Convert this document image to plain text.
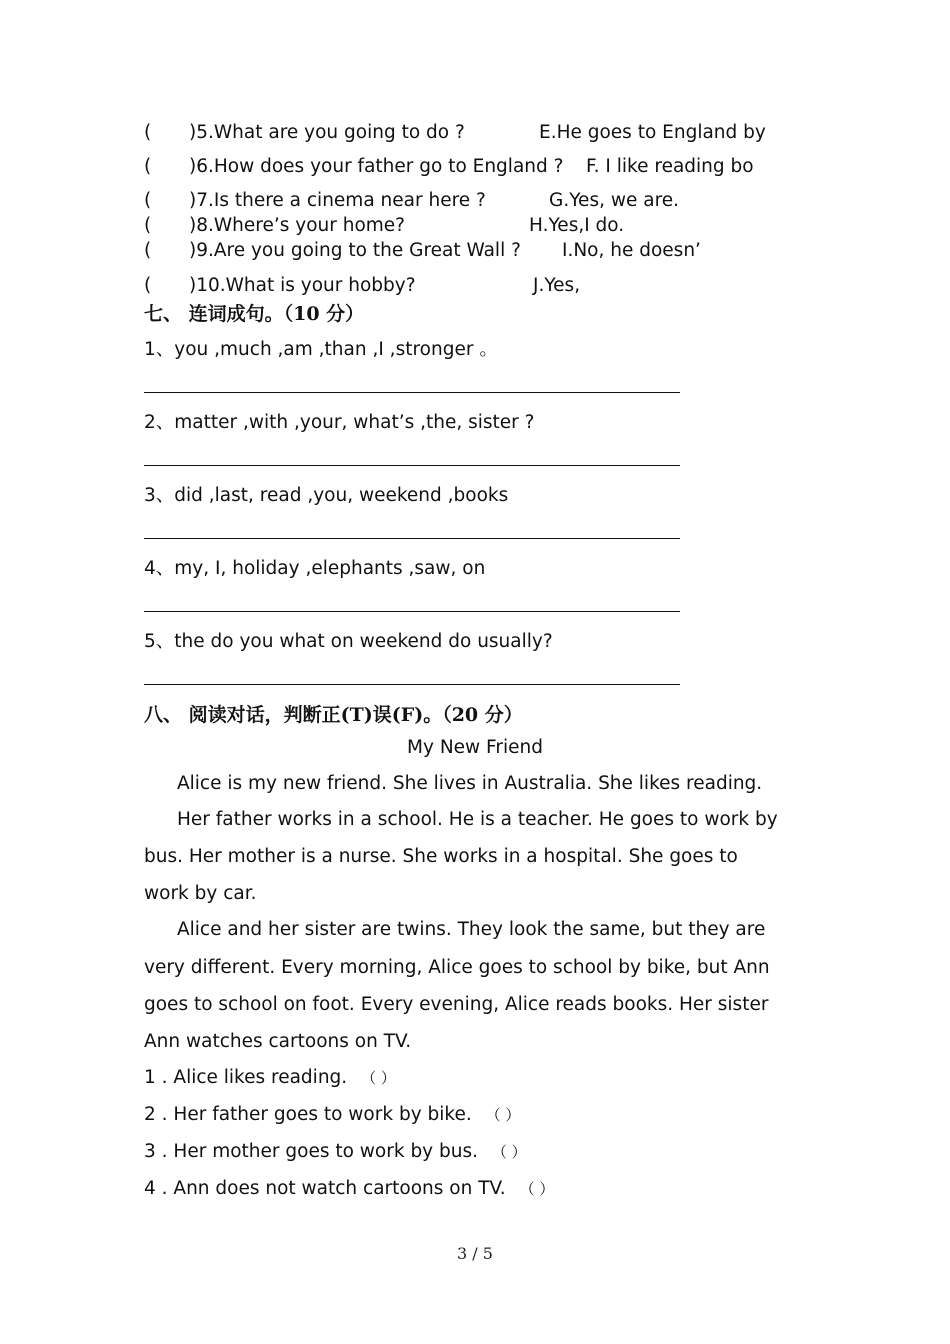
( )5.What are you going to do ?	E.He goes to England by
( )6.How does your father go to England ? F. I like reading bo
( )7.Is there a cinema near here ?	G.Yes, we are.
( )8.Where’s your home?	H.Yes,I do.
( )9.Are you going to the Great Wall ? I.No, he doesn’
( )10.What is your hobby?	J.Yes,
七、 连词成句。（10 分）
1、you ,much ,am ,than ,I ,stronger 。
2、matter ,with ,your, what’s ,the, sister ?
3、did ,last, read ,you, weekend ,books
4、my, I, holiday ,elephants ,saw, on
5、the do you what on weekend do usually?
八、 阅读对话，判断正(T)误(F)。（20 分）
My New Friend
Alice is my new friend. She lives in Australia. She likes reading.
Her father works in a school. He is a teacher. He goes to work by
bus. Her mother is a nurse. She works in a hospital. She goes to
work by car.
Alice and her sister are twins. They look the same, but they are
very different. Every morning, Alice goes to school by bike, but Ann
goes to school on foot. Every evening, Alice reads books. Her sister
Ann watches cartoons on TV.
1 . Alice likes reading. （ ）
2 . Her father goes to work by bike. （ ）
3 . Her mother goes to work by bus. （ ）
4 . Ann does not watch cartoons on TV. （ ）
3 / 5
